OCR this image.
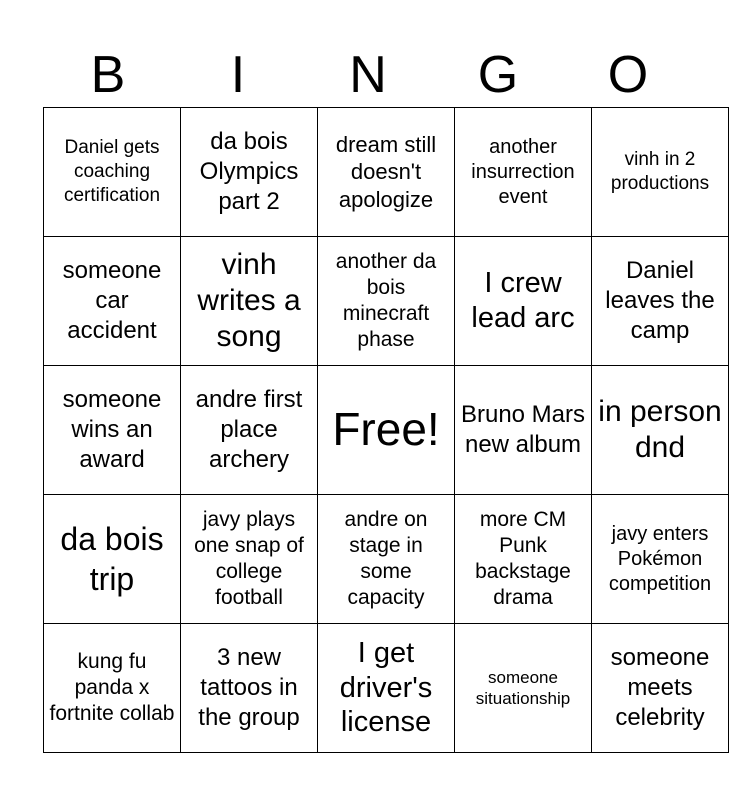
B	I	N	G	O
Daniel gets coaching certification	da bois Olympics part 2	dream still doesn't apologize	another insurrection event	vinh in 2 productions
someone car accident	vinh writes a song	another da bois minecraft phase	I crew lead arc	Daniel leaves the camp
someone wins an award	andre first place archery	Free!	Bruno Mars new album	in person dnd
da bois trip	javy plays one snap of college football	andre on stage in some capacity	more CM Punk backstage drama	javy enters Pokémon competition
kung fu panda x fortnite collab	3 new tattoos in the group	I get driver's license	someone situationship	someone meets celebrity
